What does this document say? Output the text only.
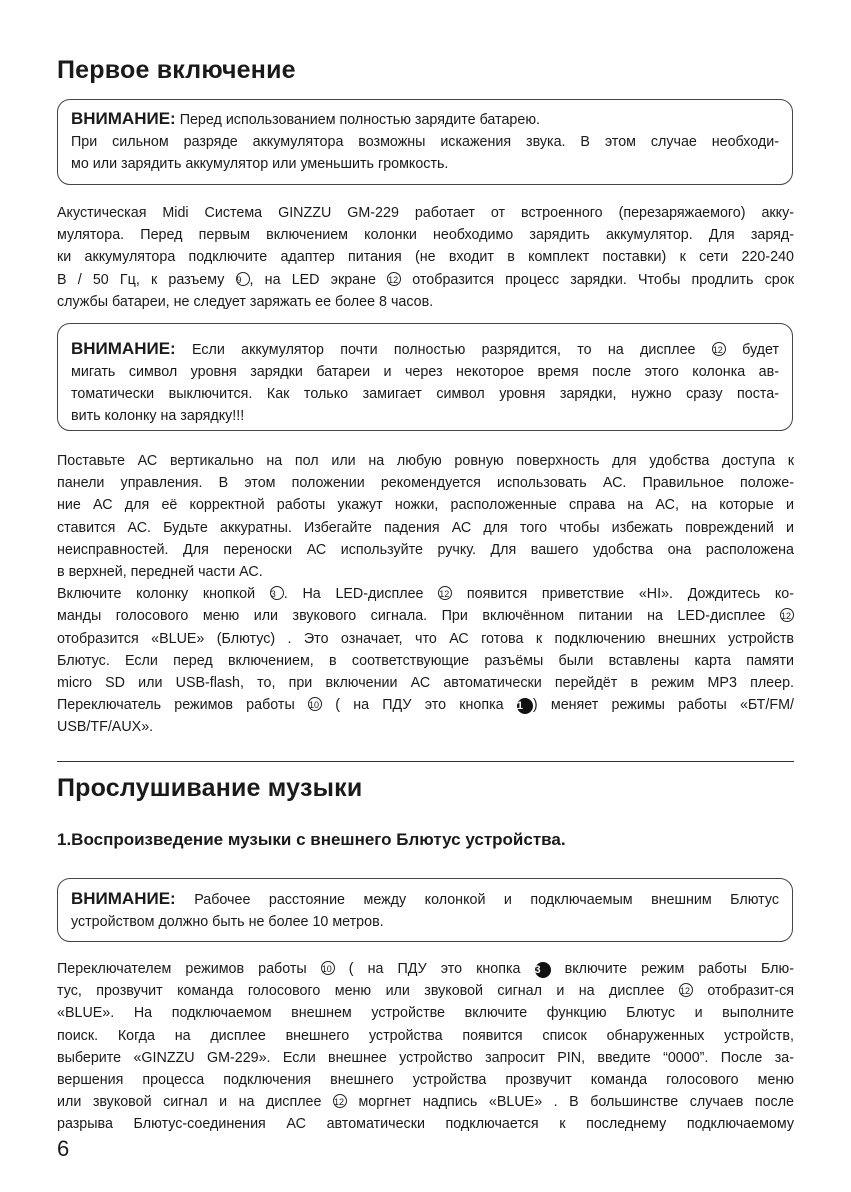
Первое включение
ВНИМАНИЕ: Перед использованием полностью зарядите батарею.
При сильном разряде аккумулятора возможны искажения звука. В этом случае необходи-
мо или зарядить аккумулятор или уменьшить громкость.
Акустическая Midi Система GINZZU GM-229 работает от встроенного (перезаряжаемого) акку-
мулятора. Перед первым включением колонки необходимо зарядить аккумулятор. Для заряд-
ки аккумулятора подключите адаптер питания (не входит в комплект поставки) к сети 220-240
В / 50 Гц, к разъему 9 , на LED экране 12 отобразится процесс зарядки. Чтобы продлить срок
службы батареи, не следует заряжать ее более 8 часов.
ВНИМАНИЕ: Если аккумулятор почти полностью разрядится, то на дисплее 12 будет
мигать символ уровня зарядки батареи и через некоторое время после этого колонка ав-
томатически выключится. Как только замигает символ уровня зарядки, нужно сразу поста-
вить колонку на зарядку!!!
Поставьте АС вертикально на пол или на любую ровную поверхность для удобства доступа к
панели управления. В этом положении рекомендуется использовать АС. Правильное положе-
ние АС для её корректной работы укажут ножки, расположенные справа на АС, на которые и
ставится АС. Будьте аккуратны. Избегайте падения АС для того чтобы избежать повреждений и
неисправностей. Для переноски АС используйте ручку. Для вашего удобства она расположена
в верхней, передней части АС.
Включите колонку кнопкой 3 . На LED-дисплее 12 появится приветствие «HI». Дождитесь ко-
манды голосового меню или звукового сигнала. При включённом питании на LED-дисплее 12
отобразится «BLUE» (Блютус) . Это означает, что АС готова к подключению внешних устройств
Блютус. Если перед включением, в соответствующие разъёмы были вставлены карта памяти
micro SD или USB-flash, то, при включении АС автоматически перейдёт в режим MP3 плеер.
Переключатель режимов работы 10 ( на ПДУ это кнопка 1 ) меняет режимы работы «БТ/FM/
USB/TF/AUX».
Прослушивание музыки
1.Воспроизведение музыки с внешнего Блютус устройства.
ВНИМАНИЕ: Рабочее расстояние между колонкой и подключаемым внешним Блютус
устройством должно быть не более 10 метров.
Переключателем режимов работы 10 ( на ПДУ это кнопка 3 включите режим работы Блю-
тус, прозвучит команда голосового меню или звуковой сигнал и на дисплее 12 отобразит-ся
«BLUE». На подключаемом внешнем устройстве включите функцию Блютус и выполните
поиск. Когда на дисплее внешнего устройства появится список обнаруженных устройств,
выберите «GINZZU GM-229». Если внешнее устройство запросит PIN, введите “0000”. После за-
вершения процесса подключения внешнего устройства прозвучит команда голосового меню
или звуковой сигнал и на дисплее 12 моргнет надпись «BLUE» . В большинстве случаев после
разрыва Блютус-соединения АС автоматически подключается к последнему подключаемому
6
